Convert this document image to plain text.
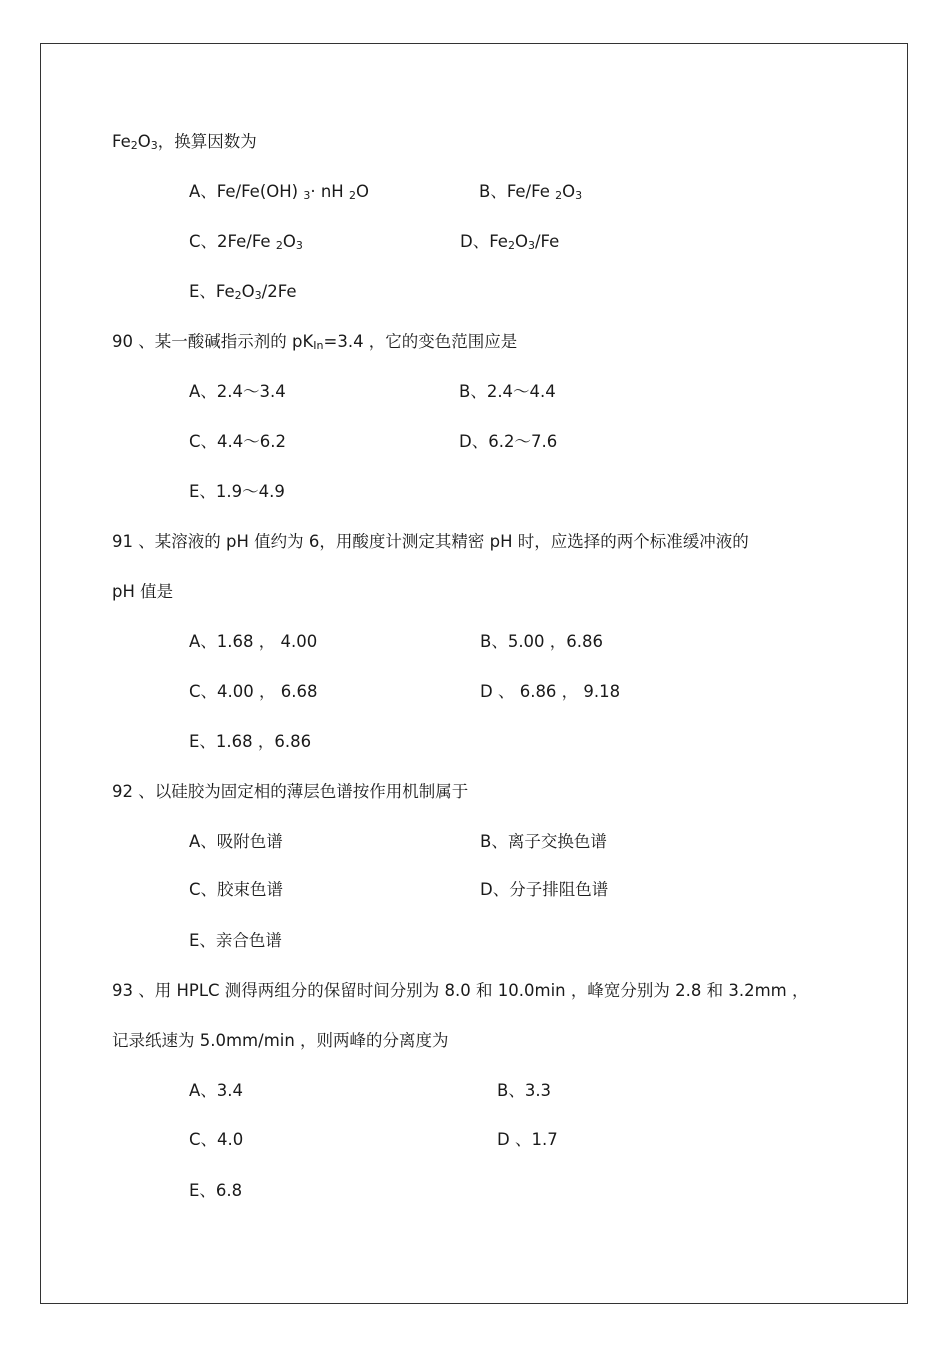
$Fe_2O_3$，换算因数为
A、Fe/Fe(OH) $_3$· nH $_2$O	B、Fe/Fe $_2O_3$
C、2Fe/Fe $_2O_3$	D、$Fe_2O_3/Fe$
E、$Fe_2O_3/2Fe$
90 、某一酸碱指示剂的 $pK_{In}=3.4$ ，它的变色范围应是
A、2.4～3.4	B、2.4～4.4
C、4.4～6.2	D、6.2～7.6
E、1.9～4.9
91 、某溶液的 pH 值约为 6，用酸度计测定其精密 pH 时，应选择的两个标准缓冲液的
pH 值是
A、1.68 ， 4.00	B、5.00 ，6.86
C、4.00 ， 6.68	D 、 6.86 ， 9.18
E、1.68 ，6.86
92 、以硅胶为固定相的薄层色谱按作用机制属于
A、吸附色谱	B、离子交换色谱
C、胶束色谱	D、分子排阻色谱
E、亲合色谱
93 、用 HPLC 测得两组分的保留时间分别为 8.0 和 10.0min ，峰宽分别为 2.8 和 3.2mm ，
记录纸速为 5.0mm/min ，则两峰的分离度为
A、3.4	B、3.3
C、4.0	D 、1.7
E、6.8
